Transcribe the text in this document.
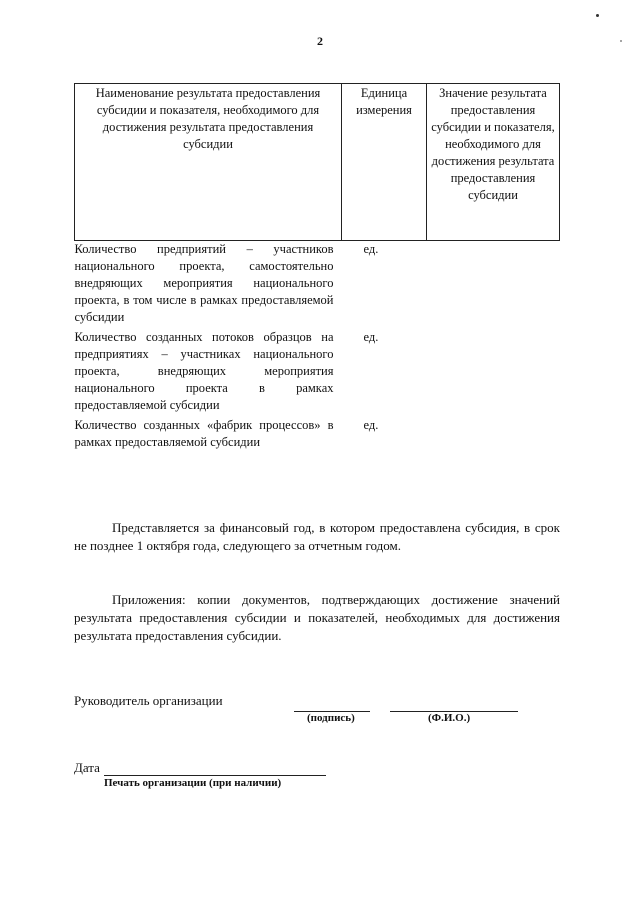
2
Наименование результата предоставления субсидии и показателя, необходимого для достижения результата предоставления субсидии	Единица измерения	Значение результата предоставления субсидии и показателя, необходимого для достижения результата предоставления субсидии
Количество предприятий – участников национального проекта, самостоятельно внедряющих мероприятия национального проекта, в том числе в рамках предоставляемой субсидии	ед.	
Количество созданных потоков образцов на предприятиях – участниках национального проекта, внедряющих мероприятия национального проекта в рамках предоставляемой субсидии	ед.	
Количество созданных «фабрик процессов» в рамках предоставляемой субсидии	ед.	
Представляется за финансовый год, в котором предоставлена субсидия, в срок не позднее 1 октября года, следующего за отчетным годом.
Приложения: копии документов, подтверждающих достижение значений результата предоставления субсидии и показателей, необходимых для достижения результата предоставления субсидии.
Руководитель организации
(подпись)	(Ф.И.О.)
Дата
Печать организации (при наличии)
